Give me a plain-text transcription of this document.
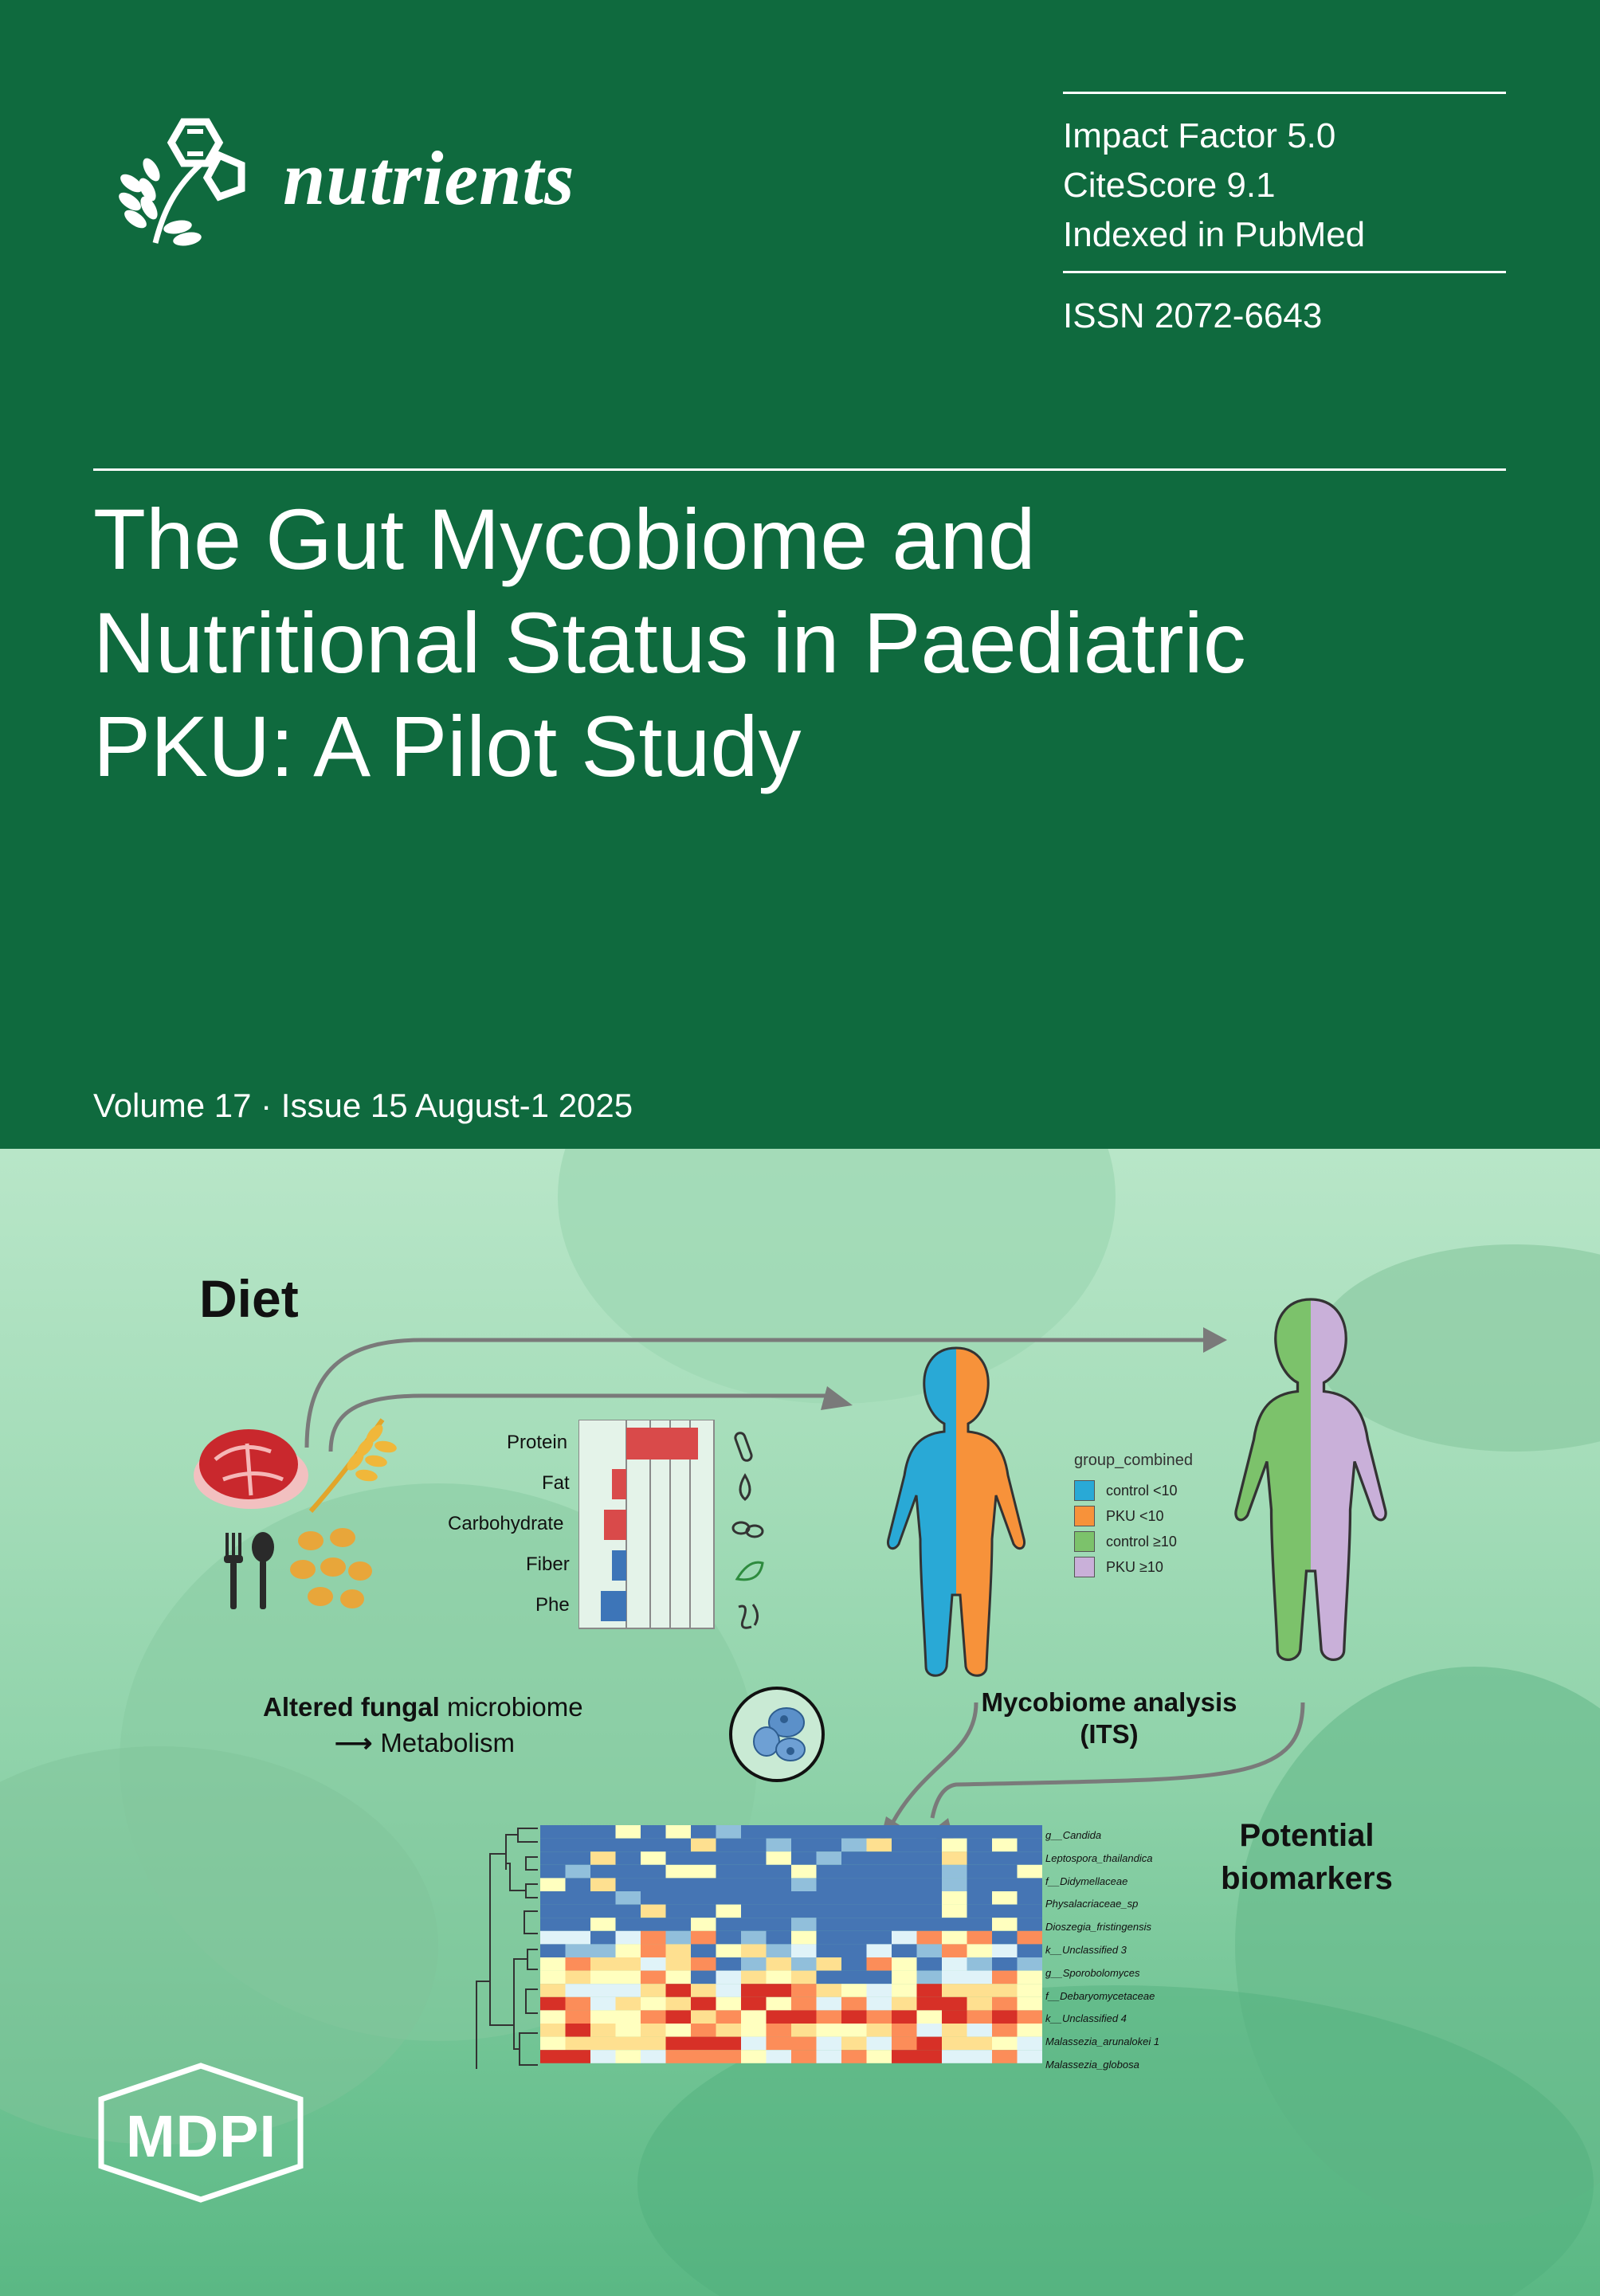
nutrients	Impact Factor 5.0
CiteScore 9.1
Indexed in PubMed
ISSN 2072-6643
The Gut Mycobiome and
Nutritional Status in Paediatric
PKU: A Pilot Study
Volume 17 · Issue 15 August-1 2025
Diet
Protein
Fat
Carbohydrate
Fiber
Phe
group_combined
control <10
PKU <10
control ≥10
PKU ≥10
Altered fungal microbiome
⟶ Metabolism
Mycobiome analysis
(ITS)
Potential
biomarkers
g__Candida
Leptospora_thailandica
f__Didymellaceae
Physalacriaceae_sp
Dioszegia_fristingensis
k__Unclassified 3
g__Sporobolomyces
f__Debaryomycetaceae
k__Unclassified 4
Malassezia_arunalokei 1
Malassezia_globosa
MDPI
